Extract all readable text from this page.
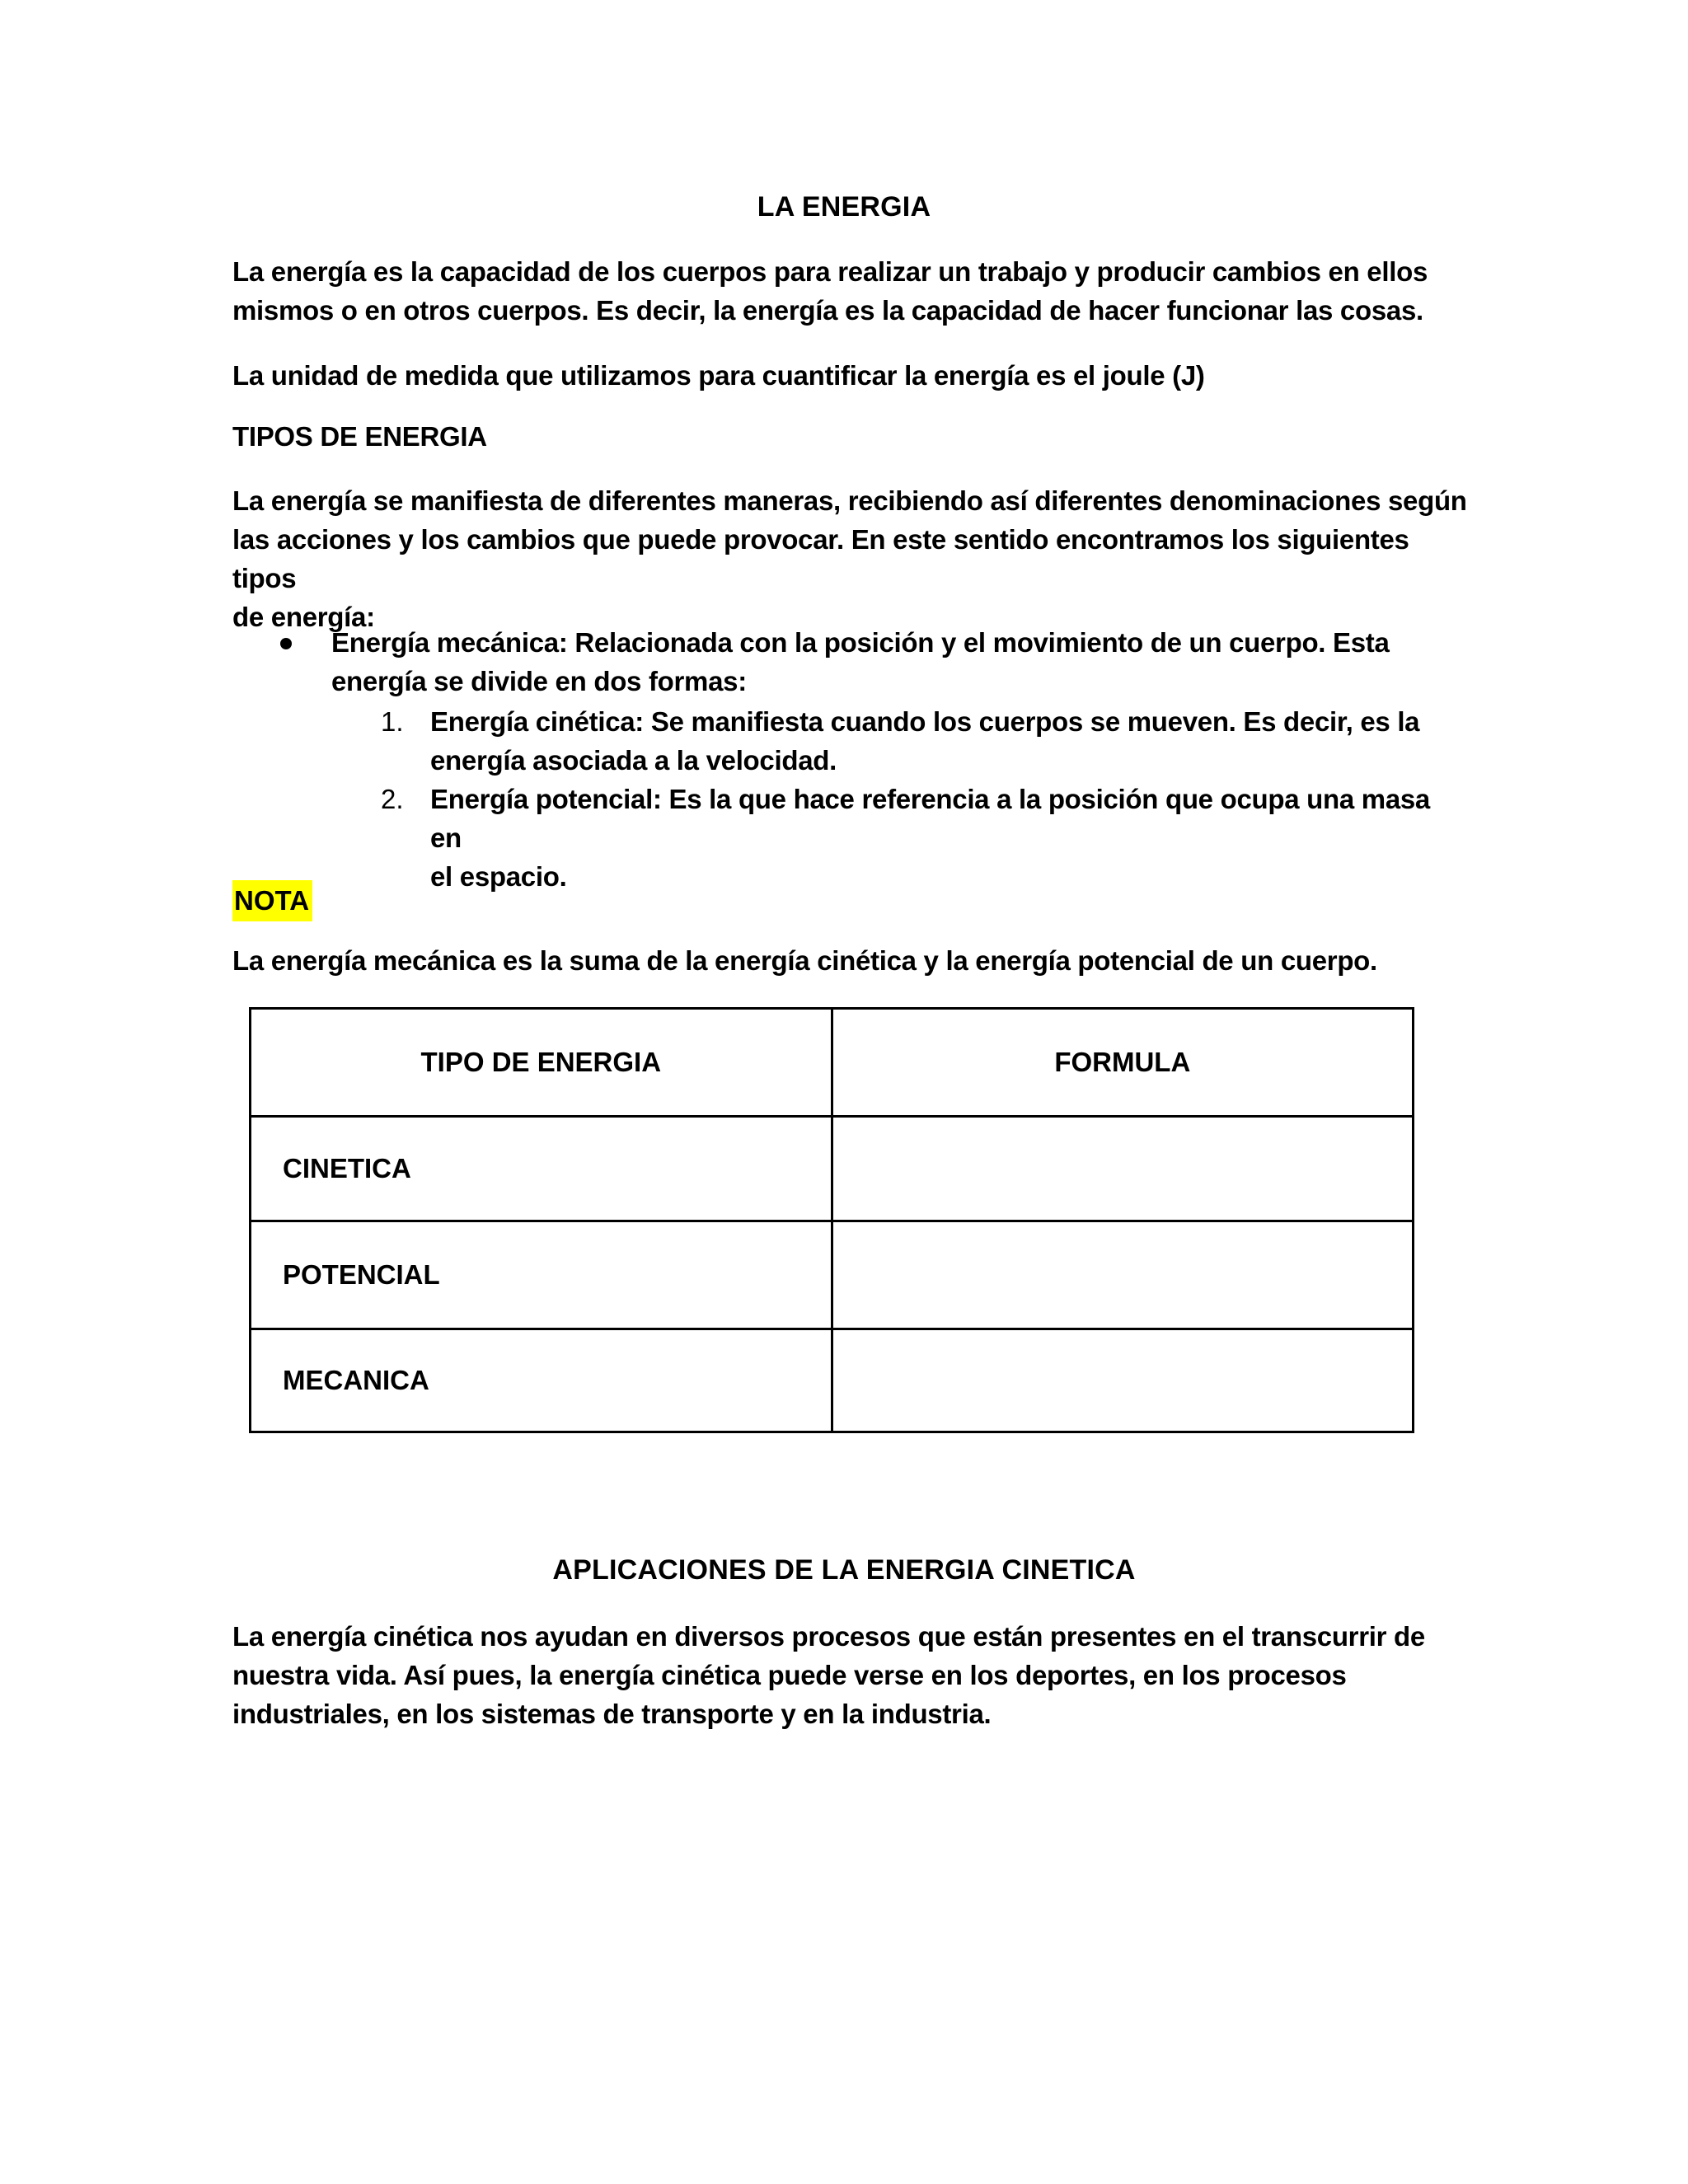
LA ENERGIA
La energía es la capacidad de los cuerpos para realizar un trabajo y producir cambios en ellos
mismos o en otros cuerpos. Es decir, la energía es la capacidad de hacer funcionar las cosas.
La unidad de medida que utilizamos para cuantificar la energía es el joule (J)
TIPOS DE ENERGIA
La energía se manifiesta de diferentes maneras, recibiendo así diferentes denominaciones según
las acciones y los cambios que puede provocar. En este sentido encontramos los siguientes tipos
de energía:
Energía mecánica: Relacionada con la posición y el movimiento de un cuerpo. Esta
energía se divide en dos formas:
1. Energía cinética: Se manifiesta cuando los cuerpos se mueven. Es decir, es la
energía asociada a la velocidad.
2. Energía potencial: Es la que hace referencia a la posición que ocupa una masa en
el espacio.
NOTA
La energía mecánica es la suma de la energía cinética y la energía potencial de un cuerpo.
TIPO DE ENERGIA	FORMULA
CINETICA	
POTENCIAL	
MECANICA	
APLICACIONES DE LA ENERGIA CINETICA
La energía cinética nos ayudan en diversos procesos que están presentes en el transcurrir de
nuestra vida. Así pues, la energía cinética puede verse en los deportes, en los procesos
industriales, en los sistemas de transporte y en la industria.
